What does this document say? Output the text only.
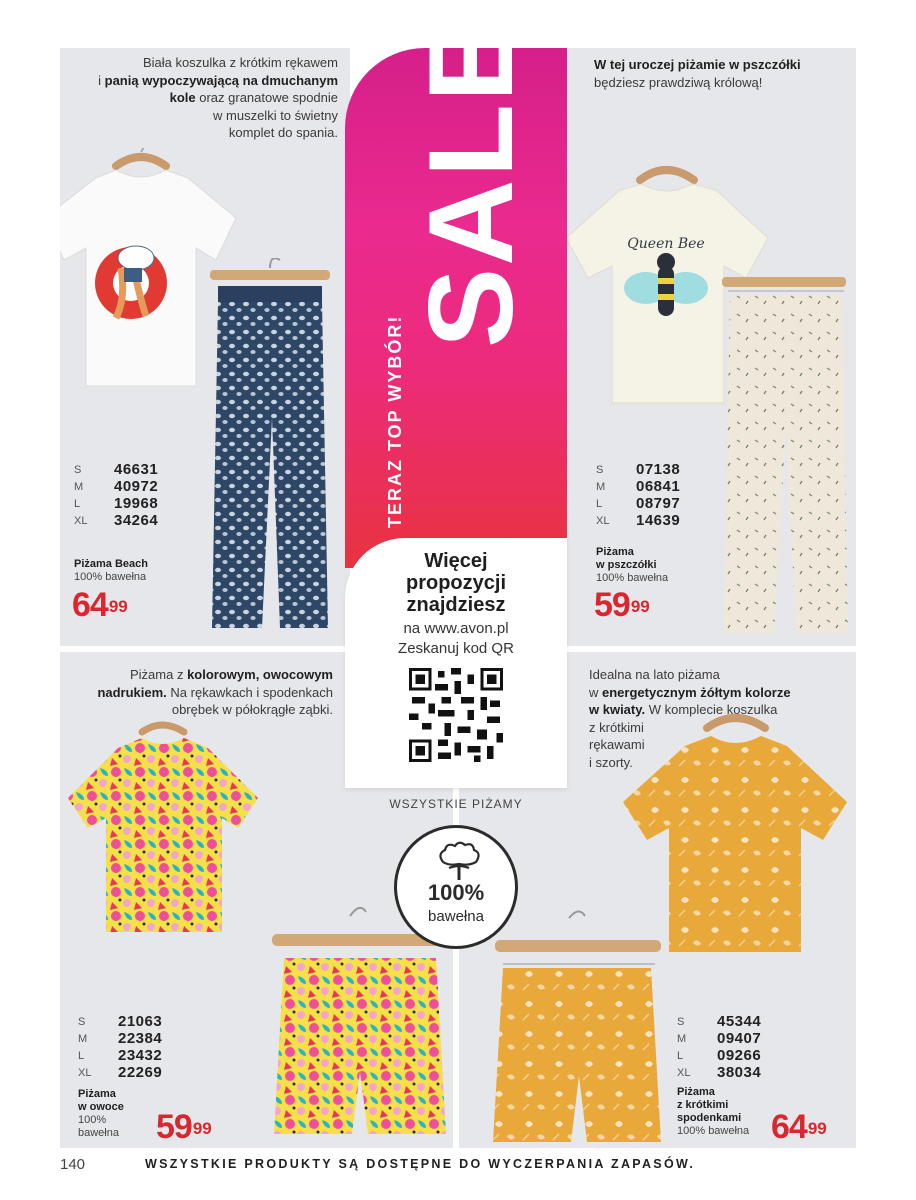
Biała koszulka z krótkim rękawem
i panią wypoczywającą na dmuchanym
kole oraz granatowe spodnie
w muszelki to świetny
komplet do spania.
S	46631
M	40972
L	19968
XL	34264
Piżama Beach
100% bawełna
$64^{99}$
W tej uroczej piżamie w pszczółki
będziesz prawdziwą królową!
Queen Bee
S	07138
M	06841
L	08797
XL	14639
Piżama
w pszczółki
100% bawełna
$59^{99}$
Piżama z kolorowym, owocowym
nadrukiem. Na rękawkach i spodenkach
obrębek w półokrągłe ząbki.
S	21063
M	22384
L	23432
XL	22269
Piżama
w owoce
100%
bawełna $59^{99}$
Idealna na lato piżama
w energetycznym żółtym kolorze
w kwiaty. W komplecie koszulka
z krótkimi
rękawami
i szorty.
S	45344
M	09407
L	09266
XL	38034
Piżama
z krótkimi
spodenkami
100% bawełna $64^{99}$
SALE
TERAZ TOP WYBÓR!
Więcej
propozycji
znajdziesz
na www.avon.pl
Zeskanuj kod QR
WSZYSTKIE PIŻAMY
100%
bawełna
140	WSZYSTKIE PRODUKTY SĄ DOSTĘPNE DO WYCZERPANIA ZAPASÓW.
